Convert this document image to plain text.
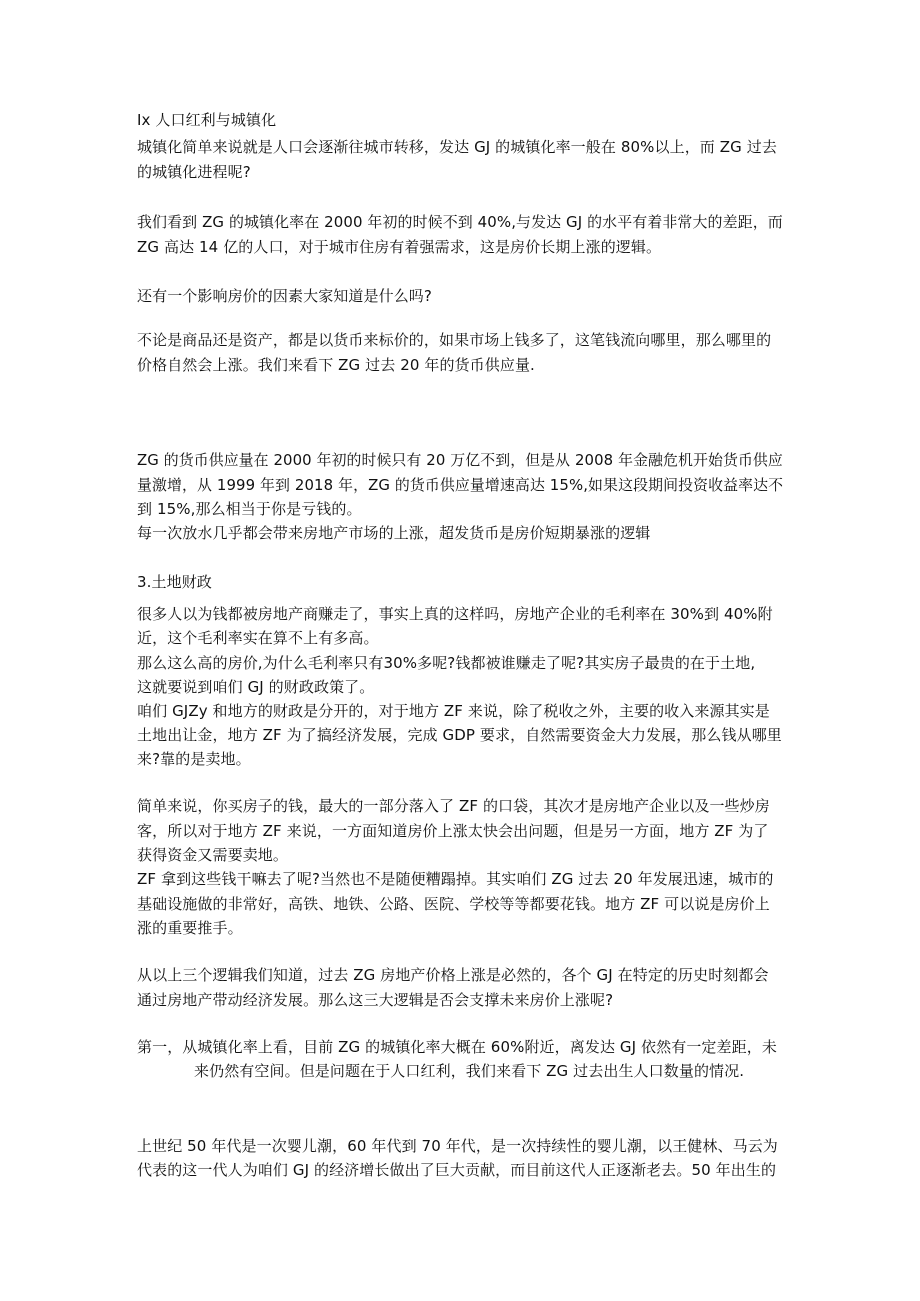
Ix 人口红利与城镇化
城镇化简单来说就是人口会逐渐往城市转移，发达 GJ 的城镇化率一般在 80%以上，而 ZG 过去
的城镇化进程呢?
我们看到 ZG 的城镇化率在 2000 年初的时候不到 40%,与发达 GJ 的水平有着非常大的差距，而
ZG 高达 14 亿的人口，对于城市住房有着强需求，这是房价长期上涨的逻辑。
还有一个影响房价的因素大家知道是什么吗?
不论是商品还是资产，都是以货币来标价的，如果市场上钱多了，这笔钱流向哪里，那么哪里的
价格自然会上涨。我们来看下 ZG 过去 20 年的货币供应量.
ZG 的货币供应量在 2000 年初的时候只有 20 万亿不到，但是从 2008 年金融危机开始货币供应
量激增，从 1999 年到 2018 年，ZG 的货币供应量增速高达 15%,如果这段期间投资收益率达不
到 15%,那么相当于你是亏钱的。
每一次放水几乎都会带来房地产市场的上涨，超发货币是房价短期暴涨的逻辑
3.土地财政
很多人以为钱都被房地产商赚走了，事实上真的这样吗，房地产企业的毛利率在 30%到 40%附
近，这个毛利率实在算不上有多高。
那么这么高的房价,为什么毛利率只有30%多呢?钱都被谁赚走了呢?其实房子最贵的在于土地,
这就要说到咱们 GJ 的财政政策了。
咱们 GJZy 和地方的财政是分开的，对于地方 ZF 来说，除了税收之外，主要的收入来源其实是
土地出让金，地方 ZF 为了搞经济发展，完成 GDP 要求，自然需要资金大力发展，那么钱从哪里
来?靠的是卖地。
简单来说，你买房子的钱，最大的一部分落入了 ZF 的口袋，其次才是房地产企业以及一些炒房
客，所以对于地方 ZF 来说，一方面知道房价上涨太快会出问题，但是另一方面，地方 ZF 为了
获得资金又需要卖地。
ZF 拿到这些钱干嘛去了呢?当然也不是随便糟蹋掉。其实咱们 ZG 过去 20 年发展迅速，城市的
基础设施做的非常好，高铁、地铁、公路、医院、学校等等都要花钱。地方 ZF 可以说是房价上
涨的重要推手。
从以上三个逻辑我们知道，过去 ZG 房地产价格上涨是必然的，各个 GJ 在特定的历史时刻都会
通过房地产带动经济发展。那么这三大逻辑是否会支撑未来房价上涨呢?
第一，从城镇化率上看，目前 ZG 的城镇化率大概在 60%附近，离发达 GJ 依然有一定差距，未
来仍然有空间。但是问题在于人口红利，我们来看下 ZG 过去出生人口数量的情况.
上世纪 50 年代是一次婴儿潮，60 年代到 70 年代，是一次持续性的婴儿潮，以王健林、马云为
代表的这一代人为咱们 GJ 的经济增长做出了巨大贡献，而目前这代人正逐渐老去。50 年出生的
